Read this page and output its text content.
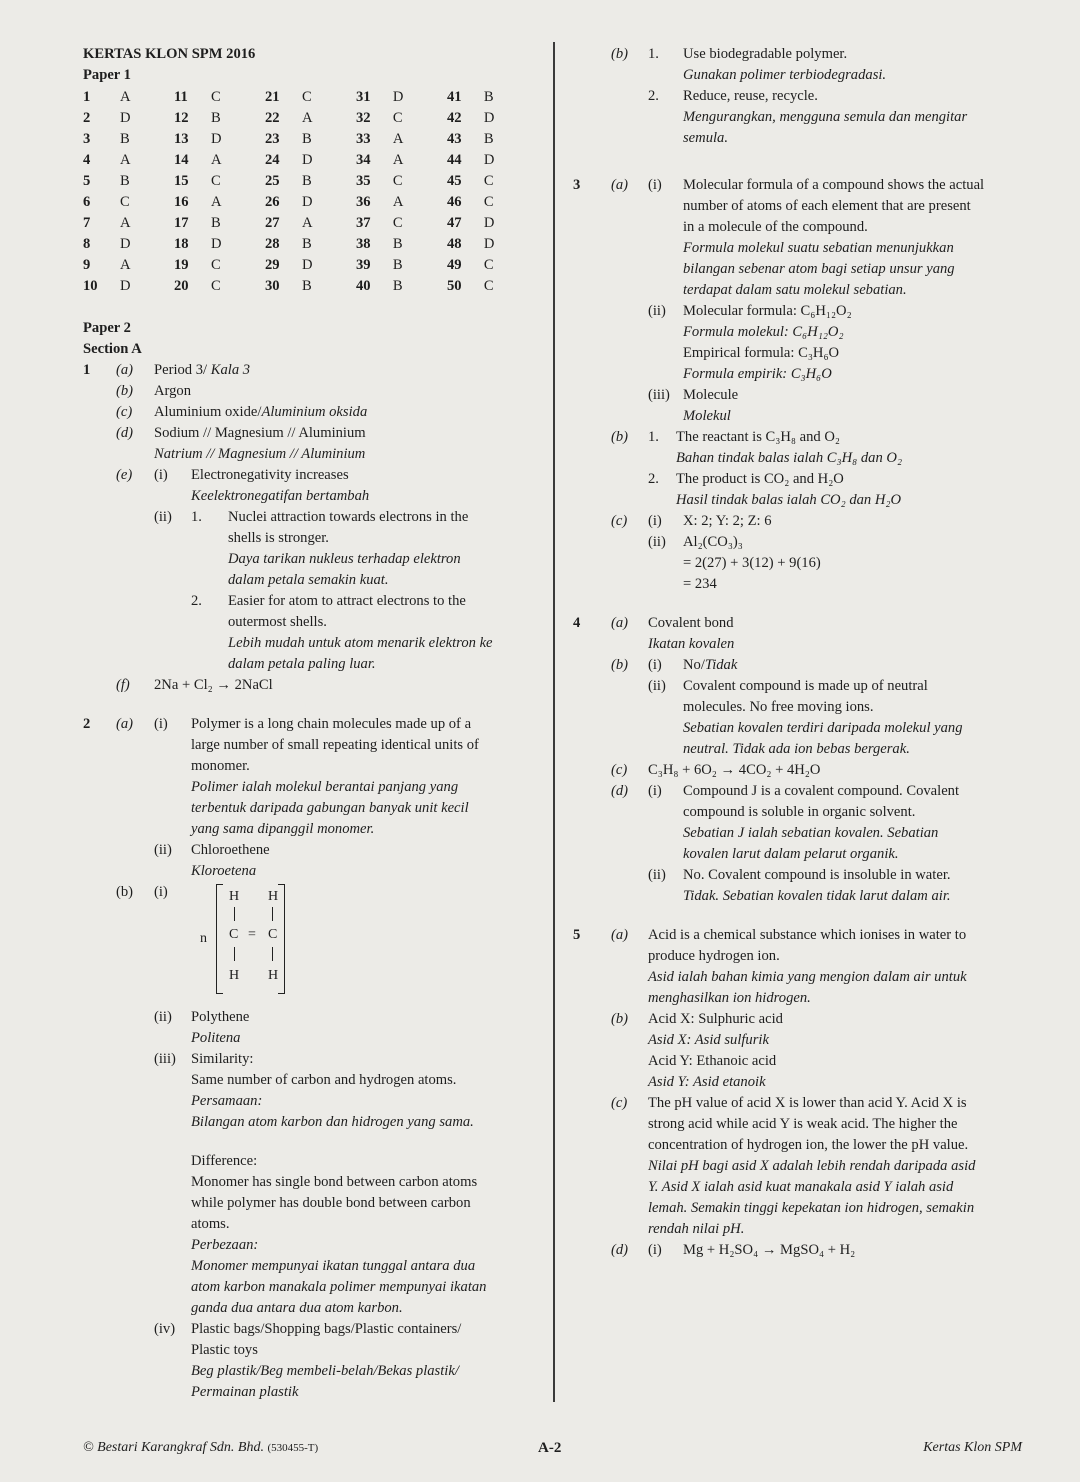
KERTAS KLON SPM 2016
Paper 1
1	A	11	C	21	C	31	D	41	B
2	D	12	B	22	A	32	C	42	D
3	B	13	D	23	B	33	A	43	B
4	A	14	A	24	D	34	A	44	D
5	B	15	C	25	B	35	C	45	C
6	C	16	A	26	D	36	A	46	C
7	A	17	B	27	A	37	C	47	D
8	D	18	D	28	B	38	B	48	D
9	A	19	C	29	D	39	B	49	C
10	D	20	C	30	B	40	B	50	C
Paper 2
Section A
1	(a)	Period 3/
Kala 3
(b)	Argon
(c)	Aluminium oxide/ Aluminium oksida
(d)	Sodium // Magnesium // Aluminium
Natrium // Magnesium // Aluminium
(e)	(i)	Electronegativity increases
Keelektronegatifan bertambah
(ii)	1.	Nuclei attraction towards electrons in the
shells is stronger.
Daya tarikan nukleus terhadap elektron
dalam petala semakin kuat.
2.	Easier for atom to attract electrons to the
outermost shells.
Lebih mudah untuk atom menarik elektron ke
dalam petala paling luar.
(f)	2Na + Cl₂ → 2NaCl
2	(a)	(i)	Polymer is a long chain molecules made up of a
large number of small repeating identical units of
monomer.
Polimer ialah molekul berantai panjang yang
terbentuk daripada gabungan banyak unit kecil
yang sama dipanggil monomer.
(ii)	Chloroethene
Kloroetena
(b)	(i)
n
H H
C = C
H H
(ii)	Polythene
Politena
(iii)	Similarity:
Same number of carbon and hydrogen atoms.
Persamaan:
Bilangan atom karbon dan hidrogen yang sama.
Difference:
Monomer has single bond between carbon atoms
while polymer has double bond between carbon
atoms.
Perbezaan:
Monomer mempunyai ikatan tunggal antara dua
atom karbon manakala polimer mempunyai ikatan
ganda dua antara dua atom karbon.
(iv)	Plastic bags/Shopping bags/Plastic containers/
Plastic toys
Beg plastik/Beg membeli-belah/Bekas plastik/
Permainan plastik
(b)	1.	Use biodegradable polymer.
Gunakan polimer terbiodegradasi.
2.	Reduce, reuse, recycle.
Mengurangkan, mengguna semula dan mengitar
semula.
3	(a)	(i)	Molecular formula of a compound shows the actual
number of atoms of each element that are present
in a molecule of the compound.
Formula molekul suatu sebatian menunjukkan
bilangan sebenar atom bagi setiap unsur yang
terdapat dalam satu molekul sebatian.
(ii)	Molecular formula: C₆H₁₂O₂
Formula molekul: C₆H₁₂O₂
Empirical formula: C₃H₆O
Formula empirik: C₃H₆O
(iii) Molecule
Molekul
(b)	1.	The reactant is C₃H₈ and O₂
Bahan tindak balas ialah C₃H₈ dan O₂
2.	The product is CO₂ and H₂O
Hasil tindak balas ialah CO₂ dan H₂O
(c)	(i)	X: 2; Y: 2; Z: 6
(ii)	Al₂(CO₃)₃
= 2(27) + 3(12) + 9(16)
= 234
4	(a)	Covalent bond
Ikatan kovalen
(b)	(i)	No/ Tidak
(ii)	Covalent compound is made up of neutral
molecules. No free moving ions.
Sebatian kovalen terdiri daripada molekul yang
neutral. Tidak ada ion bebas bergerak.
(c)	C₃H₈ + 6O₂ → 4CO₂ + 4H₂O
(d)	(i)	Compound J is a covalent compound. Covalent
compound is soluble in organic solvent.
Sebatian J ialah sebatian kovalen. Sebatian
kovalen larut dalam pelarut organik.
(ii)	No. Covalent compound is insoluble in water.
Tidak. Sebatian kovalen tidak larut dalam air.
5	(a)	Acid is a chemical substance which ionises in water to
produce hydrogen ion.
Asid ialah bahan kimia yang mengion dalam air untuk
menghasilkan ion hidrogen.
(b)	Acid X: Sulphuric acid
Asid X: Asid sulfurik
Acid Y: Ethanoic acid
Asid Y: Asid etanoik
(c)	The pH value of acid X is lower than acid Y. Acid X is
strong acid while acid Y is weak acid. The higher the
concentration of hydrogen ion, the lower the pH value.
Nilai pH bagi asid X adalah lebih rendah daripada asid
Y. Asid X ialah asid kuat manakala asid Y ialah asid
lemah. Semakin tinggi kepekatan ion hidrogen, semakin
rendah nilai pH.
(d)	(i)	Mg + H₂SO₄ → MgSO₄ + H₂
© Bestari Karangkraf Sdn. Bhd. (530455-T)	A-2	Kertas Klon SPM
